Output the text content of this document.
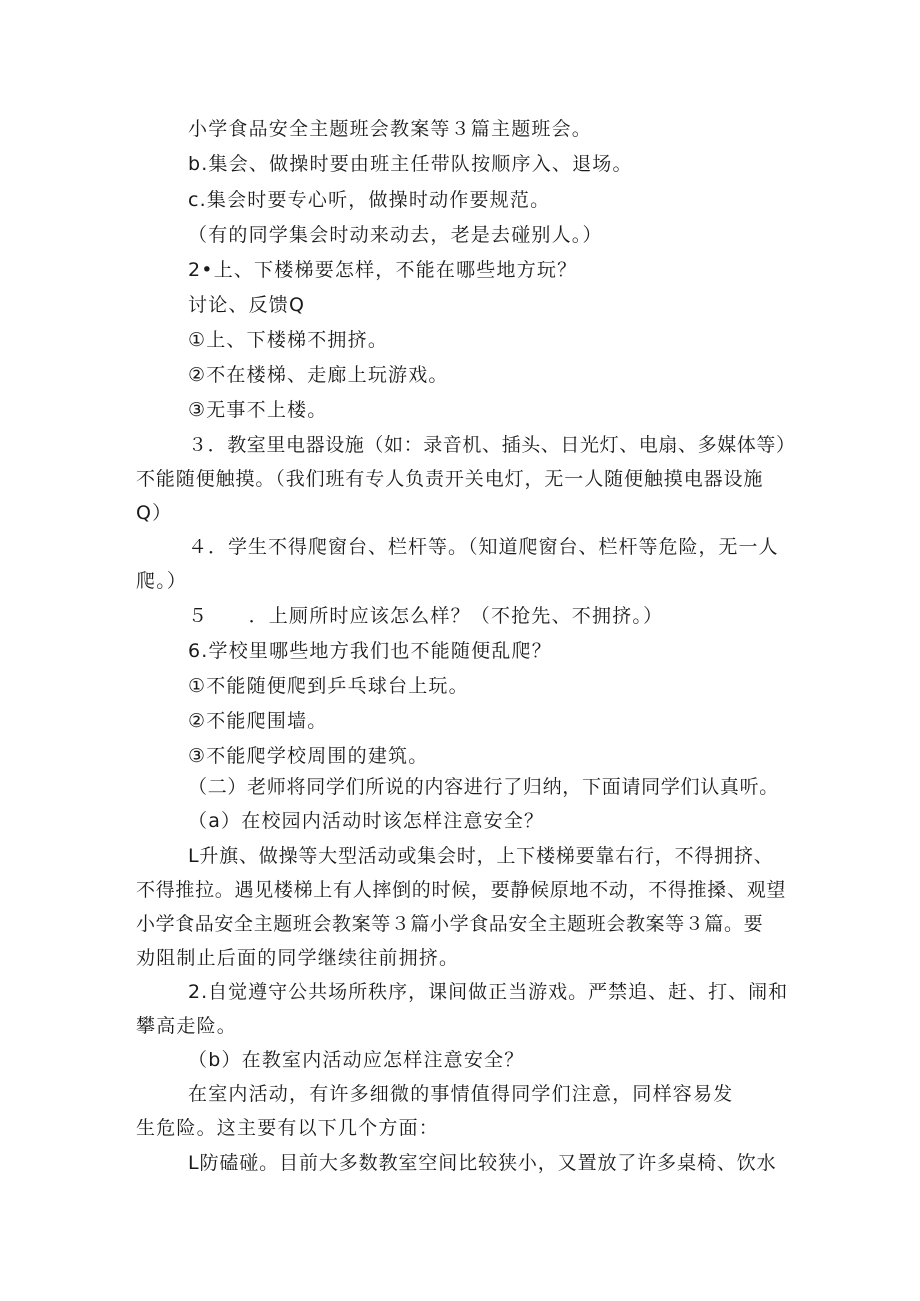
小学食品安全主题班会教案等３篇主题班会。
b.集会、做操时要由班主任带队按顺序入、退场。
c.集会时要专心听，做操时动作要规范。
（有的同学集会时动来动去，老是去碰别人。）
2•上、下楼梯要怎样，不能在哪些地方玩？
讨论、反馈Q
①上、下楼梯不拥挤。
②不在楼梯、走廊上玩游戏。
③无事不上楼。
３．教室里电器设施（如：录音机、插头、日光灯、电扇、多媒体等）
不能随便触摸。（我们班有专人负责开关电灯，无一人随便触摸电器设施
Q）
４．学生不得爬窗台、栏杆等。（知道爬窗台、栏杆等危险，无一人
爬。）
５　　．上厕所时应该怎么样？（不抢先、不拥挤。）
6.学校里哪些地方我们也不能随便乱爬？
①不能随便爬到乒乓球台上玩。
②不能爬围墙。
③不能爬学校周围的建筑。
（二）老师将同学们所说的内容进行了归纳，下面请同学们认真听。
（a）在校园内活动时该怎样注意安全？
L升旗、做操等大型活动或集会时，上下楼梯要靠右行，不得拥挤、
不得推拉。遇见楼梯上有人摔倒的时候，要静候原地不动，不得推搡、观望
小学食品安全主题班会教案等３篇小学食品安全主题班会教案等３篇。要
劝阻制止后面的同学继续往前拥挤。
2.自觉遵守公共场所秩序，课间做正当游戏。严禁追、赶、打、闹和
攀高走险。
（b）在教室内活动应怎样注意安全？
在室内活动，有许多细微的事情值得同学们注意，同样容易发
生危险。这主要有以下几个方面：
L防磕碰。目前大多数教室空间比较狭小，又置放了许多桌椅、饮水
